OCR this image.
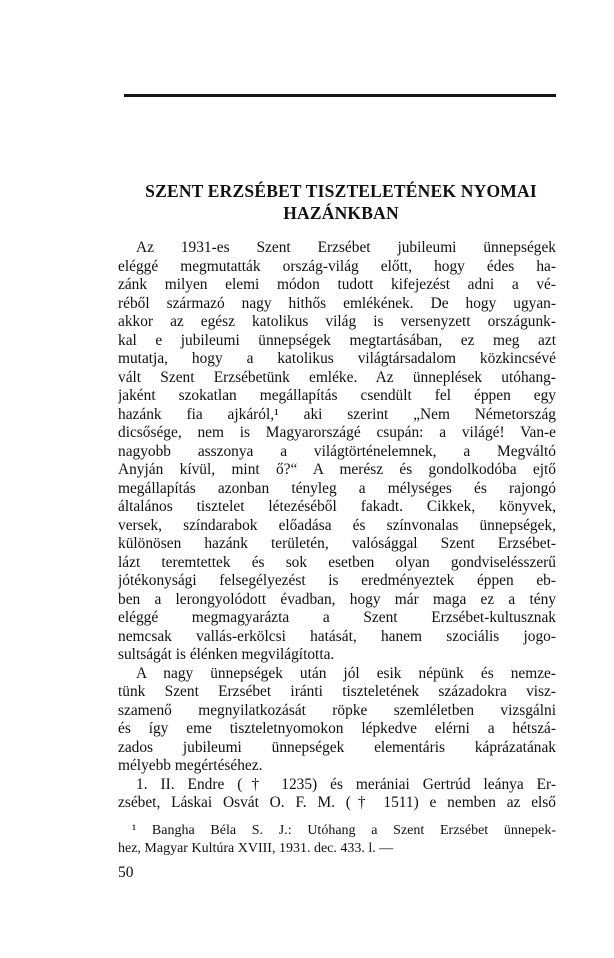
SZENT ERZSÉBET TISZTELETÉNEK NYOMAI
HAZÁNKBAN
Az 1931-es Szent Erzsébet jubileumi ünnepségek
eléggé megmutatták ország-világ előtt, hogy édes ha-
zánk milyen elemi módon tudott kifejezést adni a vé-
réből származó nagy hithős emlékének. De hogy ugyan-
akkor az egész katolikus világ is versenyzett országunk-
kal e jubileumi ünnepségek megtartásában, ez meg azt
mutatja, hogy a katolikus világtársadalom közkincsévé
vált Szent Erzsébetünk emléke. Az ünneplések utóhang-
jaként szokatlan megállapítás csendült fel éppen egy
hazánk fia ajkáról,¹ aki szerint „Nem Németország
dicsősége, nem is Magyarországé csupán: a világé! Van-e
nagyobb asszonya a világtörténelemnek, a Megváltó
Anyján kívül, mint ő?“ A merész és gondolkodóba ejtő
megállapítás azonban tényleg a mélységes és rajongó
általános tisztelet létezéséből fakadt. Cikkek, könyvek,
versek, színdarabok előadása és színvonalas ünnepségek,
különösen hazánk területén, valósággal Szent Erzsébet-
lázt teremtettek és sok esetben olyan gondviselésszerű
jótékonysági felsegélyezést is eredményeztek éppen eb-
ben a lerongyolódott évadban, hogy már maga ez a tény
eléggé megmagyarázta a Szent Erzsébet-kultusznak
nemcsak vallás-erkölcsi hatását, hanem szociális jogo-
sultságát is élénken megvilágította.
A nagy ünnepségek után jól esik népünk és nemze-
tünk Szent Erzsébet iránti tiszteletének századokra visz-
szamenő megnyilatkozását röpke szemléletben vizsgálni
és így eme tiszteletnyomokon lépkedve elérni a hétszá-
zados jubileumi ünnepségek elementáris káprázatának
mélyebb megértéséhez.
1. II. Endre († 1235) és merániai Gertrúd leánya Er-
zsébet, Láskai Osvát O. F. M. († 1511) e nemben az első
¹ Bangha Béla S. J.: Utóhang a Szent Erzsébet ünnepek-
hez, Magyar Kultúra XVIII, 1931. dec. 433. l. —
50
